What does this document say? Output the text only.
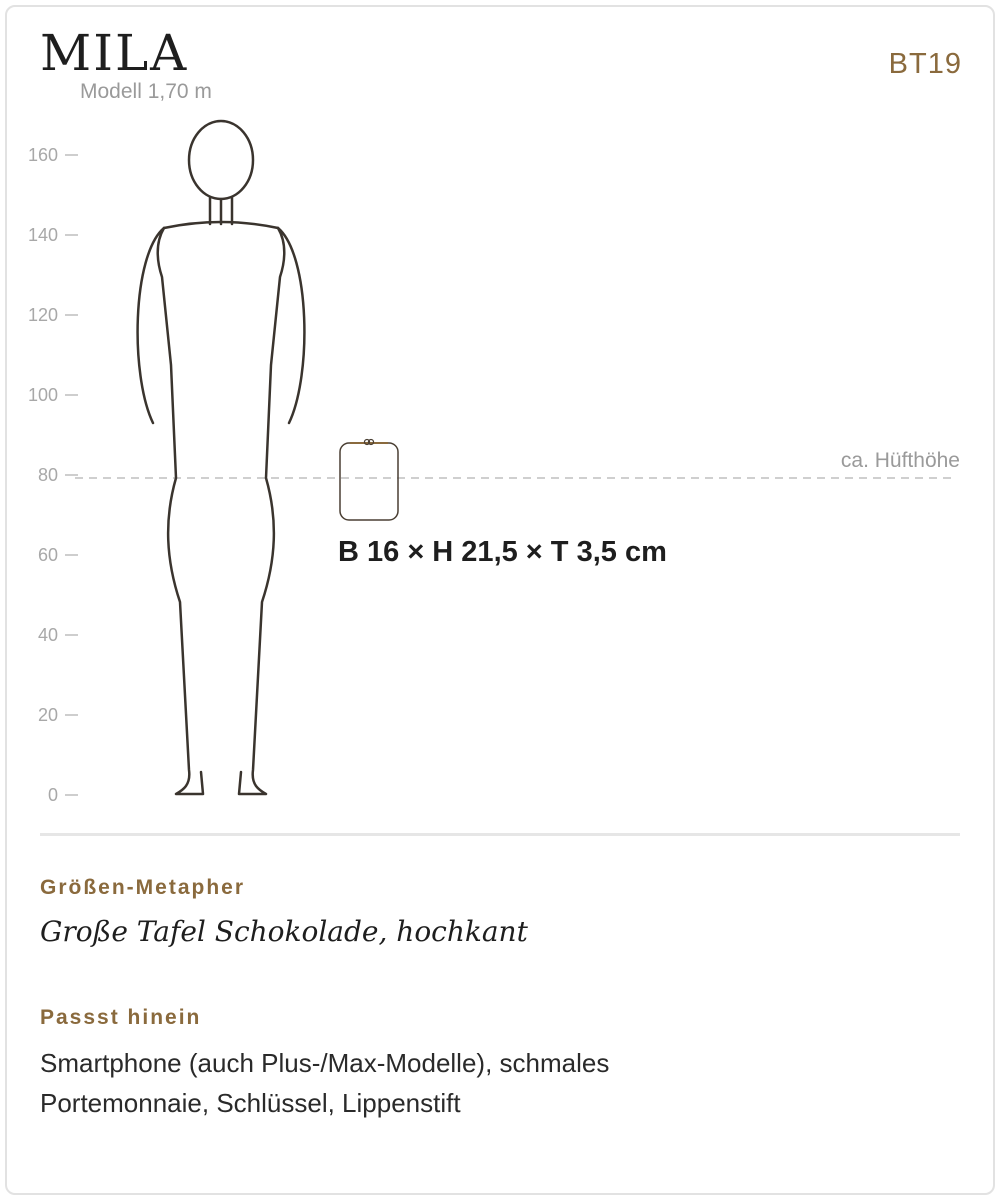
MILA
Modell 1,70 m
BT19
160
140
120
100
80
60
40
20
0
ca. Hüfthöhe
B 16 × H 21,5 × T 3,5 cm
Größen-Metapher
Große Tafel Schokolade, hochkant
Passst hinein
Smartphone (auch Plus-/Max-Modelle), schmales Portemonnaie, Schlüssel, Lippenstift
